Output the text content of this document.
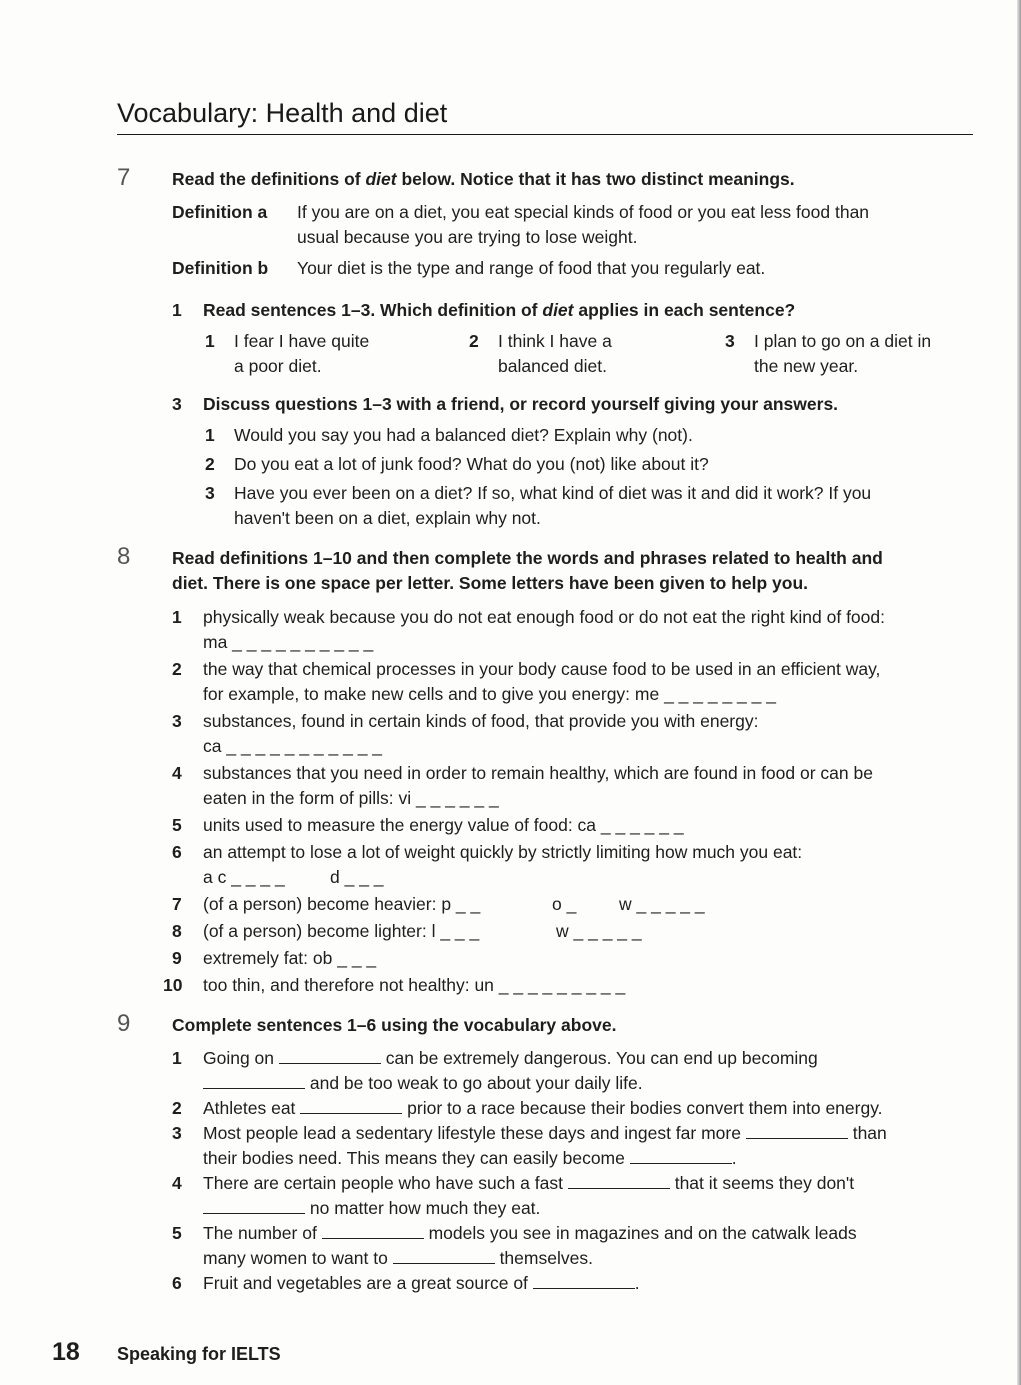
Vocabulary: Health and diet
7 Read the definitions of diet below. Notice that it has two distinct meanings.
Definition a If you are on a diet, you eat special kinds of food or you eat less food than
usual because you are trying to lose weight.
Definition b Your diet is the type and range of food that you regularly eat.
1 Read sentences 1–3. Which definition of diet applies in each sentence?
1 I fear I have quite
a poor diet.
2 I think I have a
balanced diet.
3 I plan to go on a diet in
the new year.
3 Discuss questions 1–3 with a friend, or record yourself giving your answers.
1 Would you say you had a balanced diet? Explain why (not).
2 Do you eat a lot of junk food? What do you (not) like about it?
3 Have you ever been on a diet? If so, what kind of diet was it and did it work? If you
haven't been on a diet, explain why not.
8 Read definitions 1–10 and then complete the words and phrases related to health and
diet. There is one space per letter. Some letters have been given to help you.
1 physically weak because you do not eat enough food or do not eat the right kind of food:
ma _ _ _ _ _ _ _ _ _ _
2 the way that chemical processes in your body cause food to be used in an efficient way,
for example, to make new cells and to give you energy: me _ _ _ _ _ _ _ _
3 substances, found in certain kinds of food, that provide you with energy:
ca _ _ _ _ _ _ _ _ _ _ _
4 substances that you need in order to remain healthy, which are found in food or can be
eaten in the form of pills: vi _ _ _ _ _ _
5 units used to measure the energy value of food: ca _ _ _ _ _ _
6 an attempt to lose a lot of weight quickly by strictly limiting how much you eat:
a c _ _ _ _	d _ _ _
7 (of a person) become heavier: p _ _	o _ w _ _ _ _ _
8 (of a person) become lighter: l _ _ _	w _ _ _ _ _
9 extremely fat: ob _ _ _
10 too thin, and therefore not healthy: un _ _ _ _ _ _ _ _ _
9 Complete sentences 1–6 using the vocabulary above.
1 Going on	can be extremely dangerous. You can end up becoming
and be too weak to go about your daily life.
2 Athletes eat	prior to a race because their bodies convert them into energy.
3 Most people lead a sedentary lifestyle these days and ingest far more	than
their bodies need. This means they can easily become	.
4 There are certain people who have such a fast	that it seems they don't
no matter how much they eat.
5 The number of	models you see in magazines and on the catwalk leads
many women to want to	themselves.
6 Fruit and vegetables are a great source of	.
18 Speaking for IELTS
